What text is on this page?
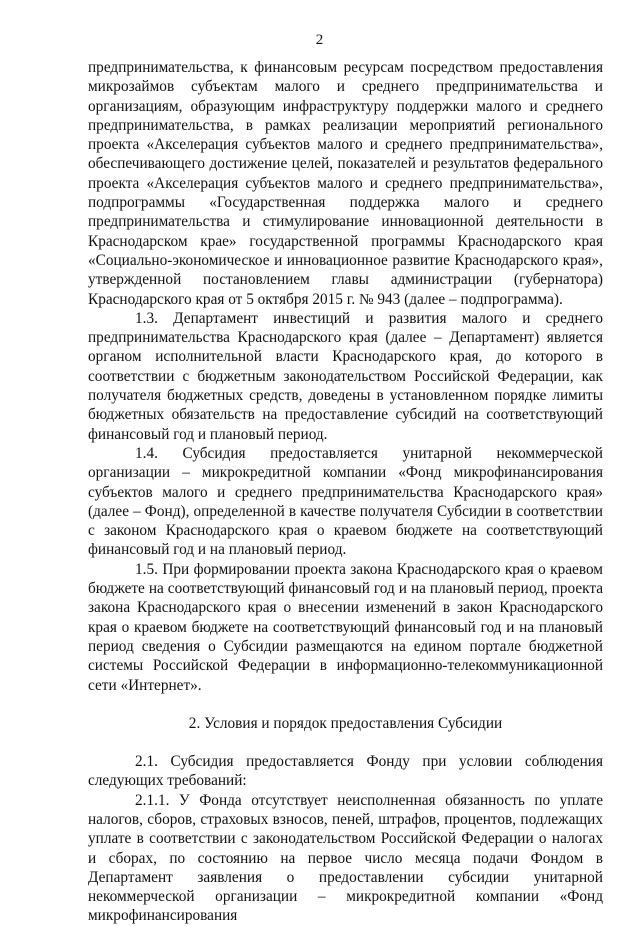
2

предпринимательства, к финансовым ресурсам посредством предоставления микрозаймов субъектам малого и среднего предпринимательства и организациям, образующим инфраструктуру поддержки малого и среднего предпринимательства, в рамках реализации мероприятий регионального проекта «Акселерация субъектов малого и среднего предпринимательства», обеспечивающего достижение целей, показателей и результатов федерального проекта «Акселерация субъектов малого и среднего предпринимательства», подпрограммы «Государственная поддержка малого и среднего предпринимательства и стимулирование инновационной деятельности в Краснодарском крае» государственной программы Краснодарского края «Социально-экономическое и инновационное развитие Краснодарского края», утвержденной постановлением главы администрации (губернатора) Краснодарского края от 5 октября 2015 г. № 943 (далее – подпрограмма).

1.3. Департамент инвестиций и развития малого и среднего предпринимательства Краснодарского края (далее – Департамент) является органом исполнительной власти Краснодарского края, до которого в соответствии с бюджетным законодательством Российской Федерации, как получателя бюджетных средств, доведены в установленном порядке лимиты бюджетных обязательств на предоставление субсидий на соответствующий финансовый год и плановый период.

1.4. Субсидия предоставляется унитарной некоммерческой организации – микрокредитной компании «Фонд микрофинансирования субъектов малого и среднего предпринимательства Краснодарского края» (далее – Фонд), определенной в качестве получателя Субсидии в соответствии с законом Краснодарского края о краевом бюджете на соответствующий финансовый год и на плановый период.

1.5. При формировании проекта закона Краснодарского края о краевом бюджете на соответствующий финансовый год и на плановый период, проекта закона Краснодарского края о внесении изменений в закон Краснодарского края о краевом бюджете на соответствующий финансовый год и на плановый период сведения о Субсидии размещаются на едином портале бюджетной системы Российской Федерации в информационно-телекоммуникационной сети «Интернет».

2. Условия и порядок предоставления Субсидии

2.1. Субсидия предоставляется Фонду при условии соблюдения следующих требований:

2.1.1. У Фонда отсутствует неисполненная обязанность по уплате налогов, сборов, страховых взносов, пеней, штрафов, процентов, подлежащих уплате в соответствии с законодательством Российской Федерации о налогах и сборах, по состоянию на первое число месяца подачи Фондом в Департамент заявления о предоставлении субсидии унитарной некоммерческой организации – микрокредитной компании «Фонд микрофинансирования
